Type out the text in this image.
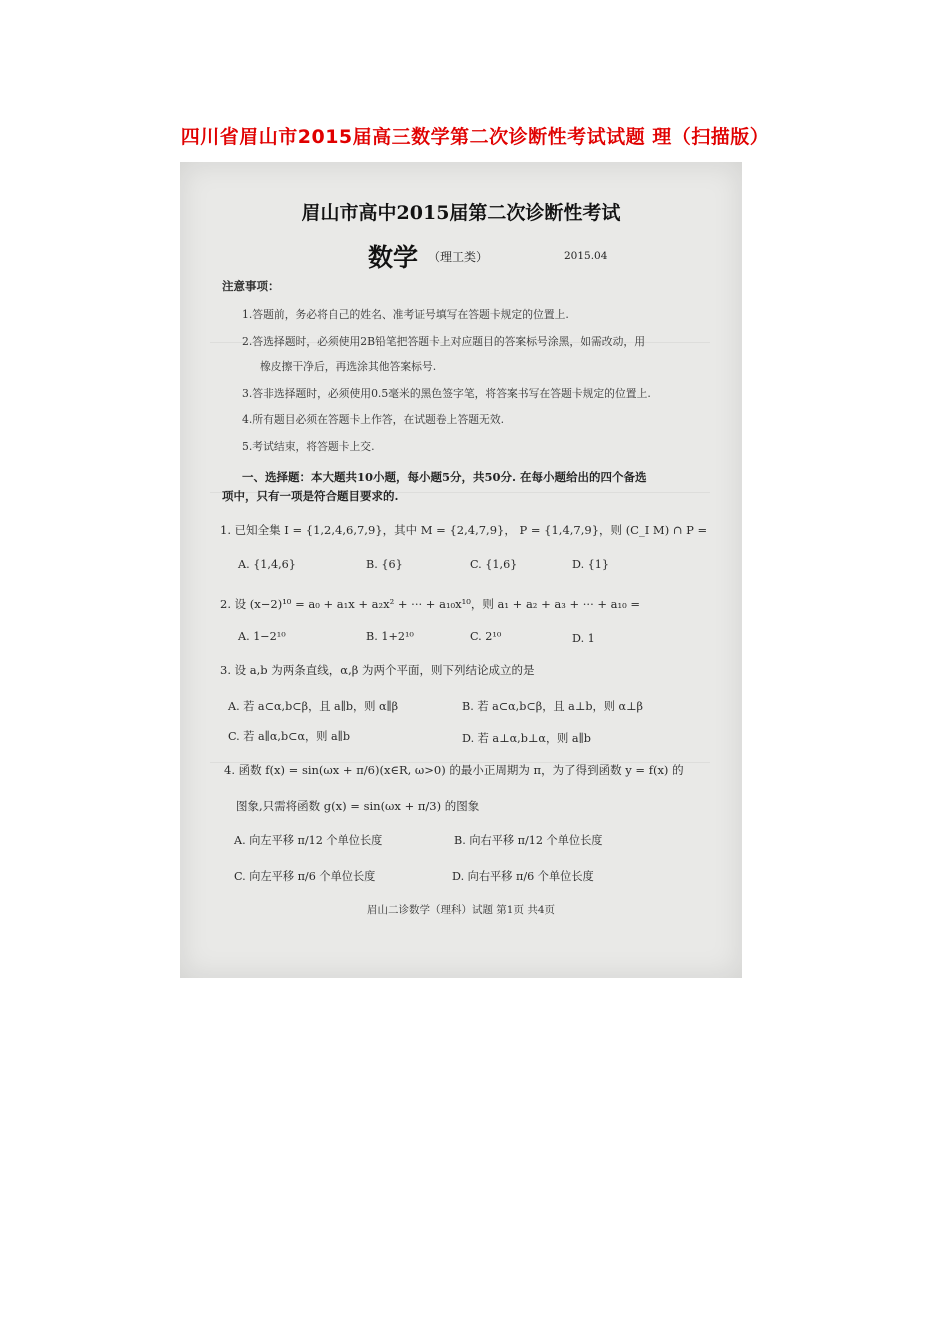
四川省眉山市2015届高三数学第二次诊断性考试试题 理（扫描版）
眉山市高中2015届第二次诊断性考试
数学 （理工类）	2015.04
注意事项：
1.答题前，务必将自己的姓名、准考证号填写在答题卡规定的位置上.
2.答选择题时，必须使用2B铅笔把答题卡上对应题目的答案标号涂黑，如需改动，用
橡皮擦干净后，再选涂其他答案标号.
3.答非选择题时，必须使用0.5毫米的黑色签字笔，将答案书写在答题卡规定的位置上.
4.所有题目必须在答题卡上作答，在试题卷上答题无效.
5.考试结束，将答题卡上交.
一、选择题：本大题共10小题，每小题5分，共50分. 在每小题给出的四个备选
项中，只有一项是符合题目要求的.
1. 已知全集 I = {1,2,4,6,7,9}，其中 M = {2,4,7,9}， P = {1,4,7,9}，则 (C_I M) ∩ P =
A. {1,4,6}	B. {6}	C. {1,6}	D. {1}
2. 设 (x−2)¹⁰ = a₀ + a₁x + a₂x² + ··· + a₁₀x¹⁰，则 a₁ + a₂ + a₃ + ··· + a₁₀ =
A. 1−2¹⁰	B. 1+2¹⁰	C. 2¹⁰	D. 1
3. 设 a,b 为两条直线，α,β 为两个平面，则下列结论成立的是
A. 若 a⊂α,b⊂β，且 a∥b，则 α∥β	B. 若 a⊂α,b⊂β，且 a⊥b，则 α⊥β
C. 若 a∥α,b⊂α，则 a∥b	D. 若 a⊥α,b⊥α，则 a∥b
4. 函数 f(x) = sin(ωx + π/6)(x∈R, ω>0) 的最小正周期为 π，为了得到函数 y = f(x) 的
图象,只需将函数 g(x) = sin(ωx + π/3) 的图象
A. 向左平移 π/12 个单位长度	B. 向右平移 π/12 个单位长度
C. 向左平移 π/6 个单位长度	D. 向右平移 π/6 个单位长度
眉山二诊数学（理科）试题 第1页 共4页
